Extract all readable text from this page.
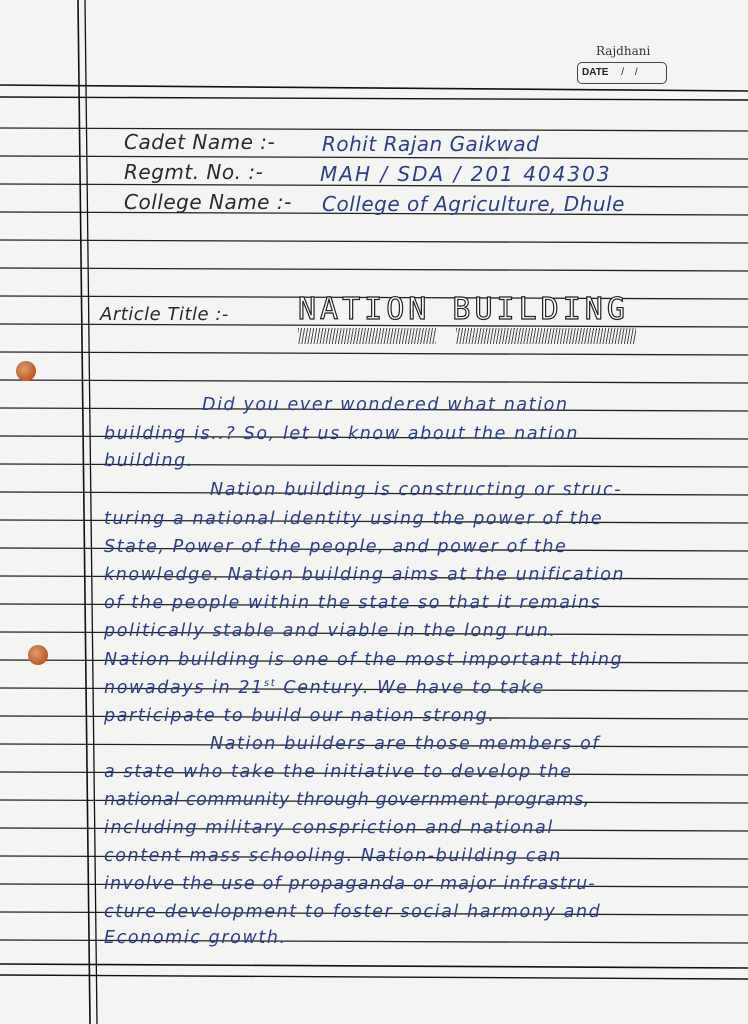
Rajdhani
DATE / /
Cadet Name :- Rohit Rajan Gaikwad
Regmt. No. :-	MAH / SDA / 201 404303
College Name :- College of Agriculture, Dhule
Article Title :- NATION BUILDING
Did you ever wondered what nation
building is..? So, let us know about the nation
building.
Nation building is constructing or struc-
turing a national identity using the power of the
State, Power of the people, and power of the
knowledge. Nation building aims at the unification
of the people within the state so that it remains
politically stable and viable in the long run.
Nation building is one of the most important thing
nowadays in 21st Century. We have to take
participate to build our nation strong.
Nation builders are those members of
a state who take the initiative to develop the
national community through government programs,
including military conspriction and national
content mass schooling. Nation-building can
involve the use of propaganda or major infrastru-
cture development to foster social harmony and
Economic growth.
